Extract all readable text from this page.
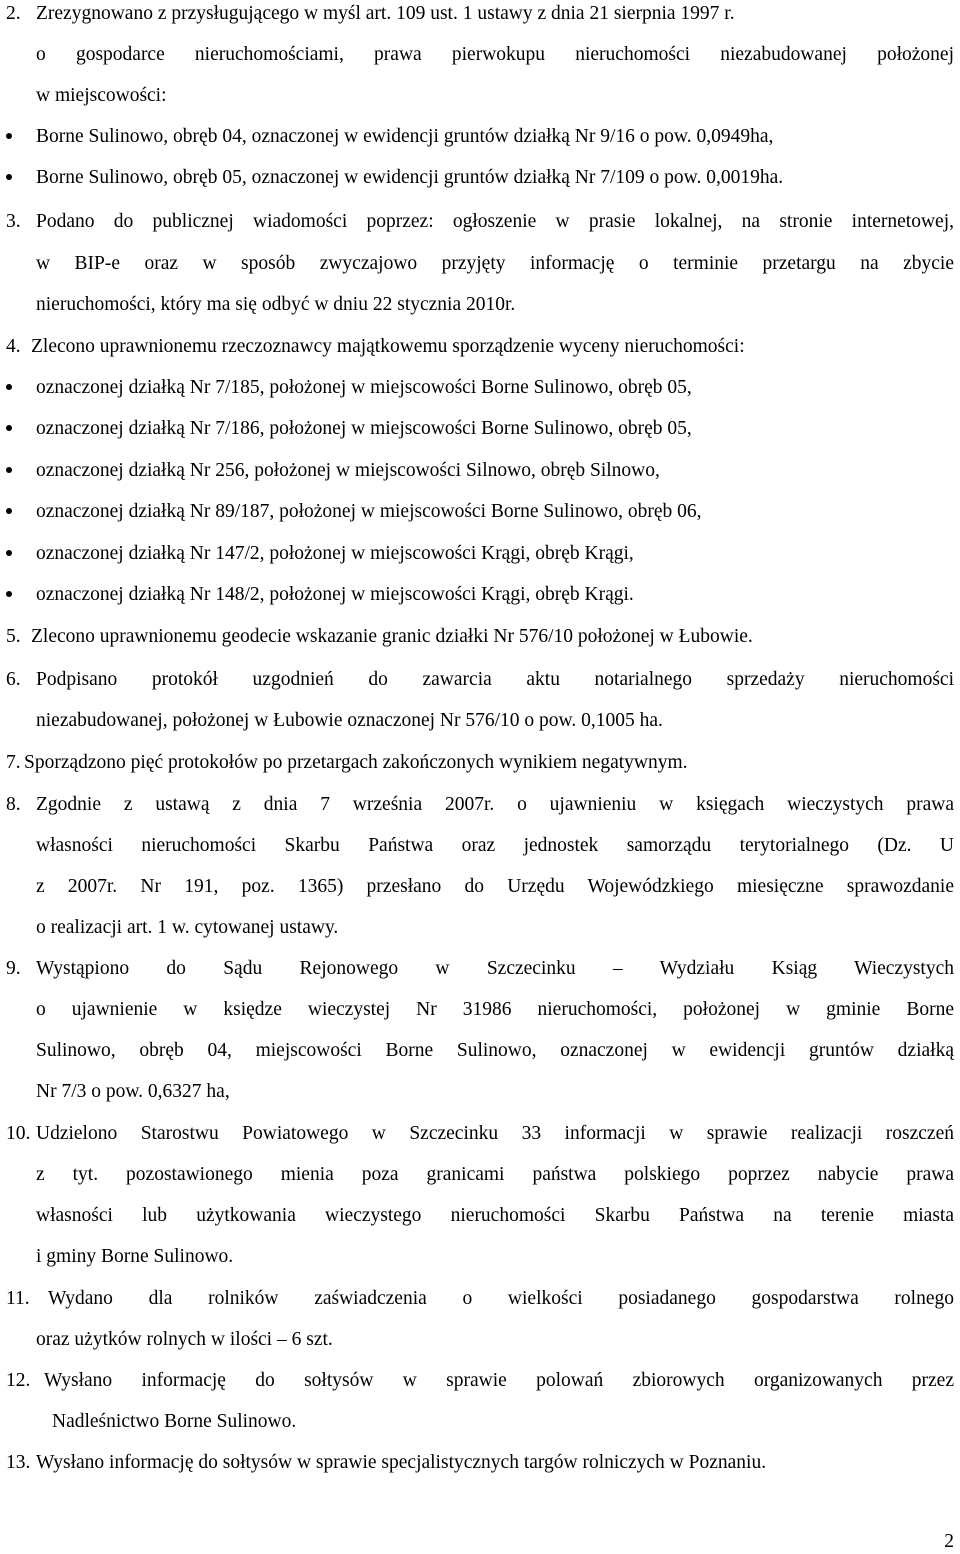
2. Zrezygnowano z przysługującego w myśl art. 109 ust. 1 ustawy z dnia 21 sierpnia 1997 r.
o gospodarce nieruchomościami, prawa pierwokupu nieruchomości niezabudowanej położonej
w miejscowości:
Borne Sulinowo, obręb 04, oznaczonej w ewidencji gruntów działką Nr 9/16 o pow. 0,0949ha,
Borne Sulinowo, obręb 05, oznaczonej w ewidencji gruntów działką Nr 7/109 o pow. 0,0019ha.
3. Podano do publicznej wiadomości poprzez: ogłoszenie w prasie lokalnej, na stronie internetowej,
w BIP-e oraz w sposób zwyczajowo przyjęty informację o terminie przetargu na zbycie
nieruchomości, który ma się odbyć w dniu 22 stycznia 2010r.
4. Zlecono uprawnionemu rzeczoznawcy majątkowemu sporządzenie wyceny nieruchomości:
oznaczonej działką Nr 7/185, położonej w miejscowości Borne Sulinowo, obręb 05,
oznaczonej działką Nr 7/186, położonej w miejscowości Borne Sulinowo, obręb 05,
oznaczonej działką Nr 256, położonej w miejscowości Silnowo, obręb Silnowo,
oznaczonej działką Nr 89/187, położonej w miejscowości Borne Sulinowo, obręb 06,
oznaczonej działką Nr 147/2, położonej w miejscowości Krągi, obręb Krągi,
oznaczonej działką Nr 148/2, położonej w miejscowości Krągi, obręb Krągi.
5. Zlecono uprawnionemu geodecie wskazanie granic działki Nr 576/10 położonej w Łubowie.
6. Podpisano protokół uzgodnień do zawarcia aktu notarialnego sprzedaży nieruchomości
niezabudowanej, położonej w Łubowie oznaczonej Nr 576/10 o pow. 0,1005 ha.
7. Sporządzono pięć protokołów po przetargach zakończonych wynikiem negatywnym.
8. Zgodnie z ustawą z dnia 7 września 2007r. o ujawnieniu w księgach wieczystych prawa
własności nieruchomości Skarbu Państwa oraz jednostek samorządu terytorialnego (Dz. U
z 2007r. Nr 191, poz. 1365) przesłano do Urzędu Wojewódzkiego miesięczne sprawozdanie
o realizacji art. 1 w. cytowanej ustawy.
9. Wystąpiono do Sądu Rejonowego w Szczecinku – Wydziału Ksiąg Wieczystych
o ujawnienie w księdze wieczystej Nr 31986 nieruchomości, położonej w gminie Borne
Sulinowo, obręb 04, miejscowości Borne Sulinowo, oznaczonej w ewidencji gruntów działką
Nr 7/3 o pow. 0,6327 ha,
10. Udzielono Starostwu Powiatowego w Szczecinku 33 informacji w sprawie realizacji roszczeń
z tyt. pozostawionego mienia poza granicami państwa polskiego poprzez nabycie prawa
własności lub użytkowania wieczystego nieruchomości Skarbu Państwa na terenie miasta
i gminy Borne Sulinowo.
11. Wydano dla rolników zaświadczenia o wielkości posiadanego gospodarstwa rolnego
oraz użytków rolnych w ilości – 6 szt.
12. Wysłano informację do sołtysów w sprawie polowań zbiorowych organizowanych przez
Nadleśnictwo Borne Sulinowo.
13. Wysłano informację do sołtysów w sprawie specjalistycznych targów rolniczych w Poznaniu.
2
